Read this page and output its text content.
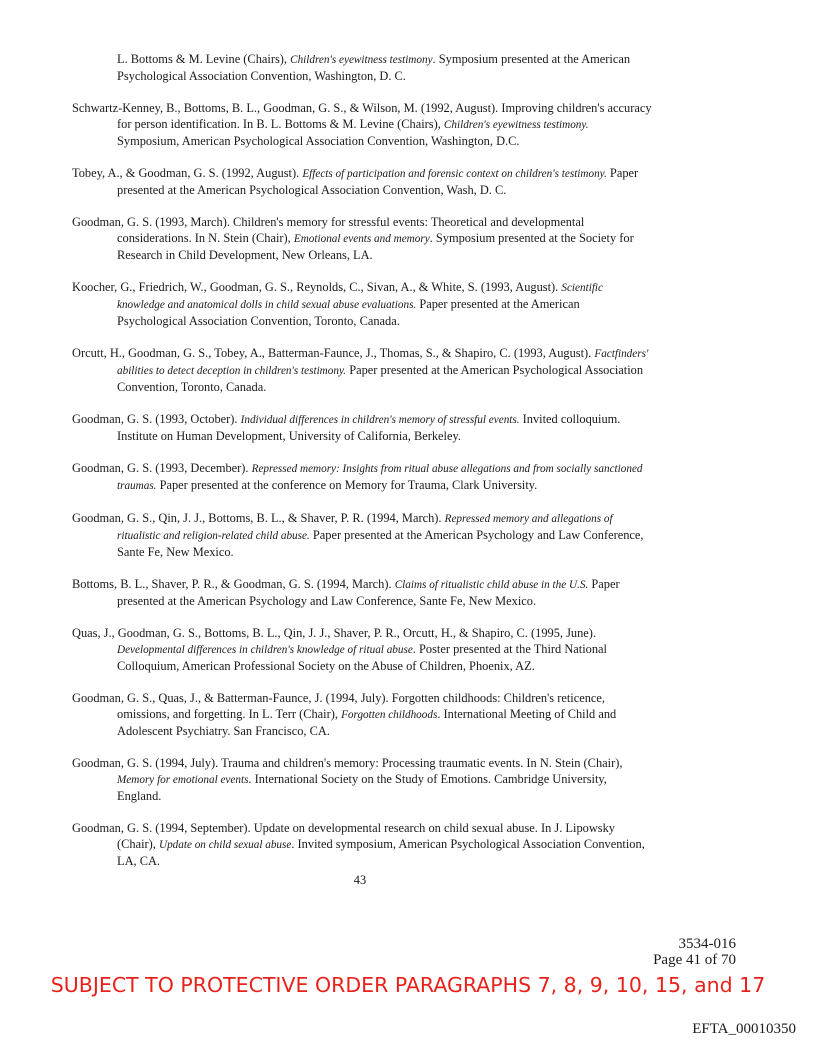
L. Bottoms & M. Levine (Chairs), Children's eyewitness testimony. Symposium presented at the American Psychological Association Convention, Washington, D. C.

Schwartz-Kenney, B., Bottoms, B. L., Goodman, G. S., & Wilson, M. (1992, August). Improving children's accuracy for person identification. In B. L. Bottoms & M. Levine (Chairs), Children's eyewitness testimony. Symposium, American Psychological Association Convention, Washington, D.C.

Tobey, A., & Goodman, G. S. (1992, August). Effects of participation and forensic context on children's testimony. Paper presented at the American Psychological Association Convention, Wash, D. C.

Goodman, G. S. (1993, March). Children's memory for stressful events: Theoretical and developmental considerations. In N. Stein (Chair), Emotional events and memory. Symposium presented at the Society for Research in Child Development, New Orleans, LA.

Koocher, G., Friedrich, W., Goodman, G. S., Reynolds, C., Sivan, A., & White, S. (1993, August). Scientific knowledge and anatomical dolls in child sexual abuse evaluations. Paper presented at the American Psychological Association Convention, Toronto, Canada.

Orcutt, H., Goodman, G. S., Tobey, A., Batterman-Faunce, J., Thomas, S., & Shapiro, C. (1993, August). Factfinders' abilities to detect deception in children's testimony. Paper presented at the American Psychological Association Convention, Toronto, Canada.

Goodman, G. S. (1993, October). Individual differences in children's memory of stressful events. Invited colloquium. Institute on Human Development, University of California, Berkeley.

Goodman, G. S. (1993, December). Repressed memory: Insights from ritual abuse allegations and from socially sanctioned traumas. Paper presented at the conference on Memory for Trauma, Clark University.

Goodman, G. S., Qin, J. J., Bottoms, B. L., & Shaver, P. R. (1994, March). Repressed memory and allegations of ritualistic and religion-related child abuse. Paper presented at the American Psychology and Law Conference, Sante Fe, New Mexico.

Bottoms, B. L., Shaver, P. R., & Goodman, G. S. (1994, March). Claims of ritualistic child abuse in the U.S. Paper presented at the American Psychology and Law Conference, Sante Fe, New Mexico.

Quas, J., Goodman, G. S., Bottoms, B. L., Qin, J. J., Shaver, P. R., Orcutt, H., & Shapiro, C. (1995, June). Developmental differences in children's knowledge of ritual abuse. Poster presented at the Third National Colloquium, American Professional Society on the Abuse of Children, Phoenix, AZ.

Goodman, G. S., Quas, J., & Batterman-Faunce, J. (1994, July). Forgotten childhoods: Children's reticence, omissions, and forgetting. In L. Terr (Chair), Forgotten childhoods. International Meeting of Child and Adolescent Psychiatry. San Francisco, CA.

Goodman, G. S. (1994, July). Trauma and children's memory: Processing traumatic events. In N. Stein (Chair), Memory for emotional events. International Society on the Study of Emotions. Cambridge University, England.

Goodman, G. S. (1994, September). Update on developmental research on child sexual abuse. In J. Lipowsky (Chair), Update on child sexual abuse. Invited symposium, American Psychological Association Convention, LA, CA.

43
3534-016
Page 41 of 70
SUBJECT TO PROTECTIVE ORDER PARAGRAPHS 7, 8, 9, 10, 15, and 17
EFTA_00010350
